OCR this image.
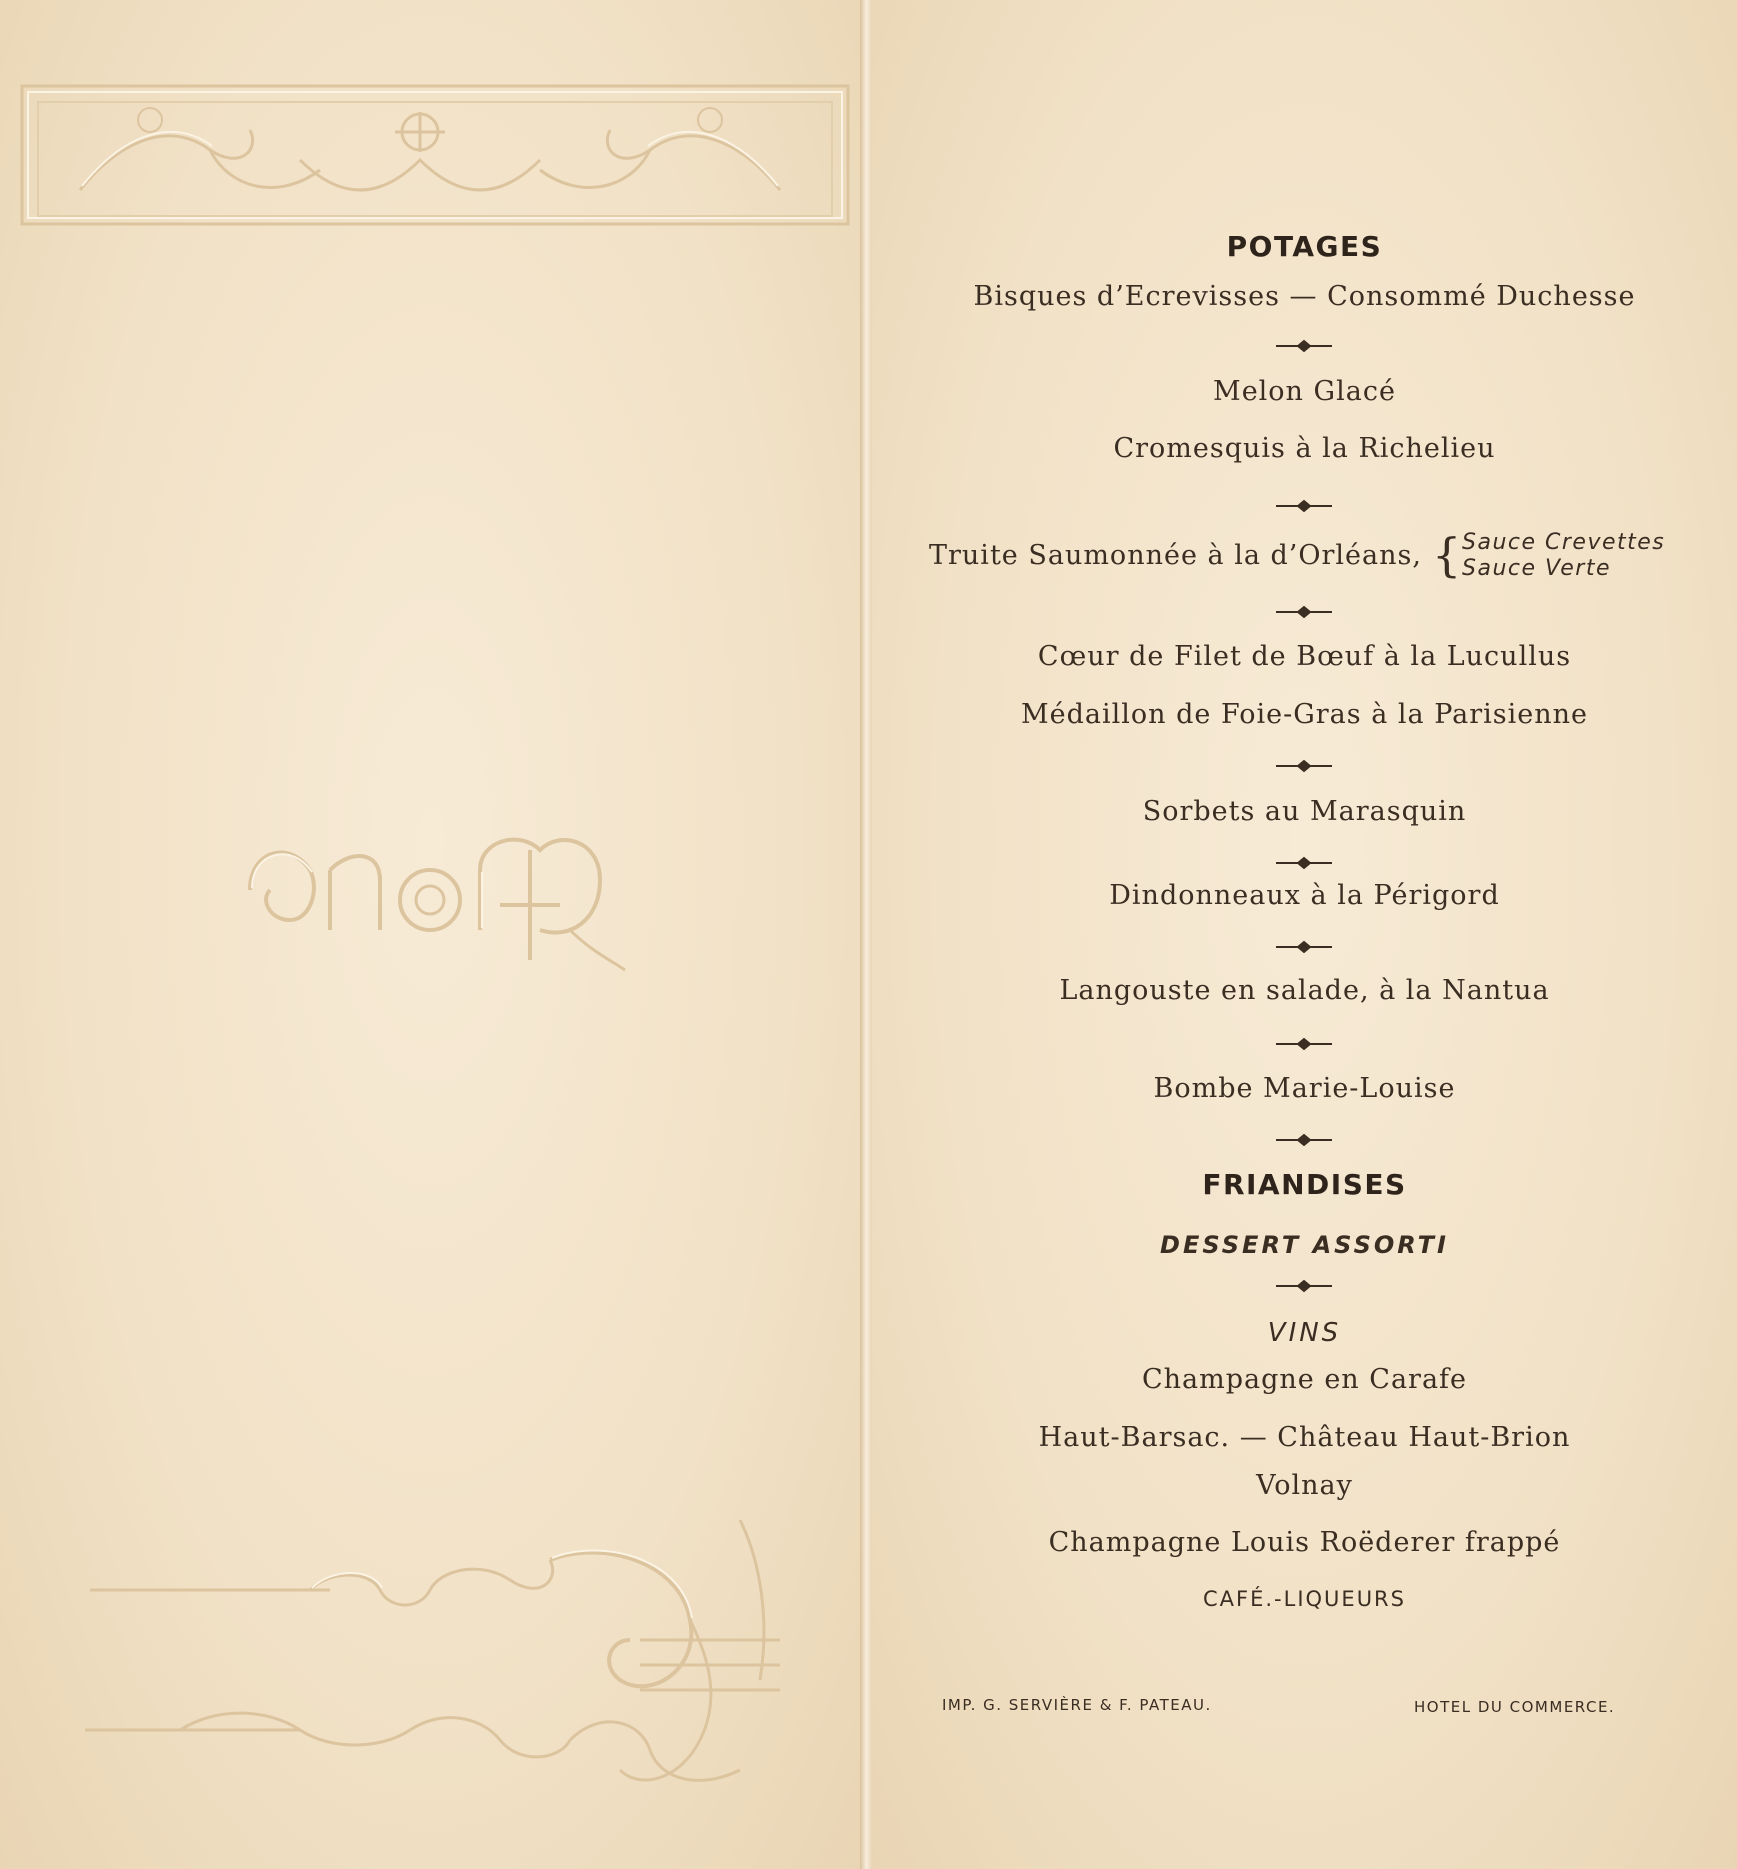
POTAGES
Bisques d’Ecrevisses — Consommé Duchesse
Melon Glacé
Cromesquis à la Richelieu
Truite Saumonnée à la d’Orléans, { Sauce Crevettes
Sauce Verte
Cœur de Filet de Bœuf à la Lucullus
Médaillon de Foie-Gras à la Parisienne
Sorbets au Marasquin
Dindonneaux à la Périgord
Langouste en salade, à la Nantua
Bombe Marie-Louise
FRIANDISES
DESSERT ASSORTI
VINS
Champagne en Carafe
Haut-Barsac. — Château Haut-Brion
Volnay
Champagne Louis Roëderer frappé
CAFÉ.-LIQUEURS
IMP. G. SERVIÈRE & F. PATEAU.	HOTEL DU COMMERCE.
